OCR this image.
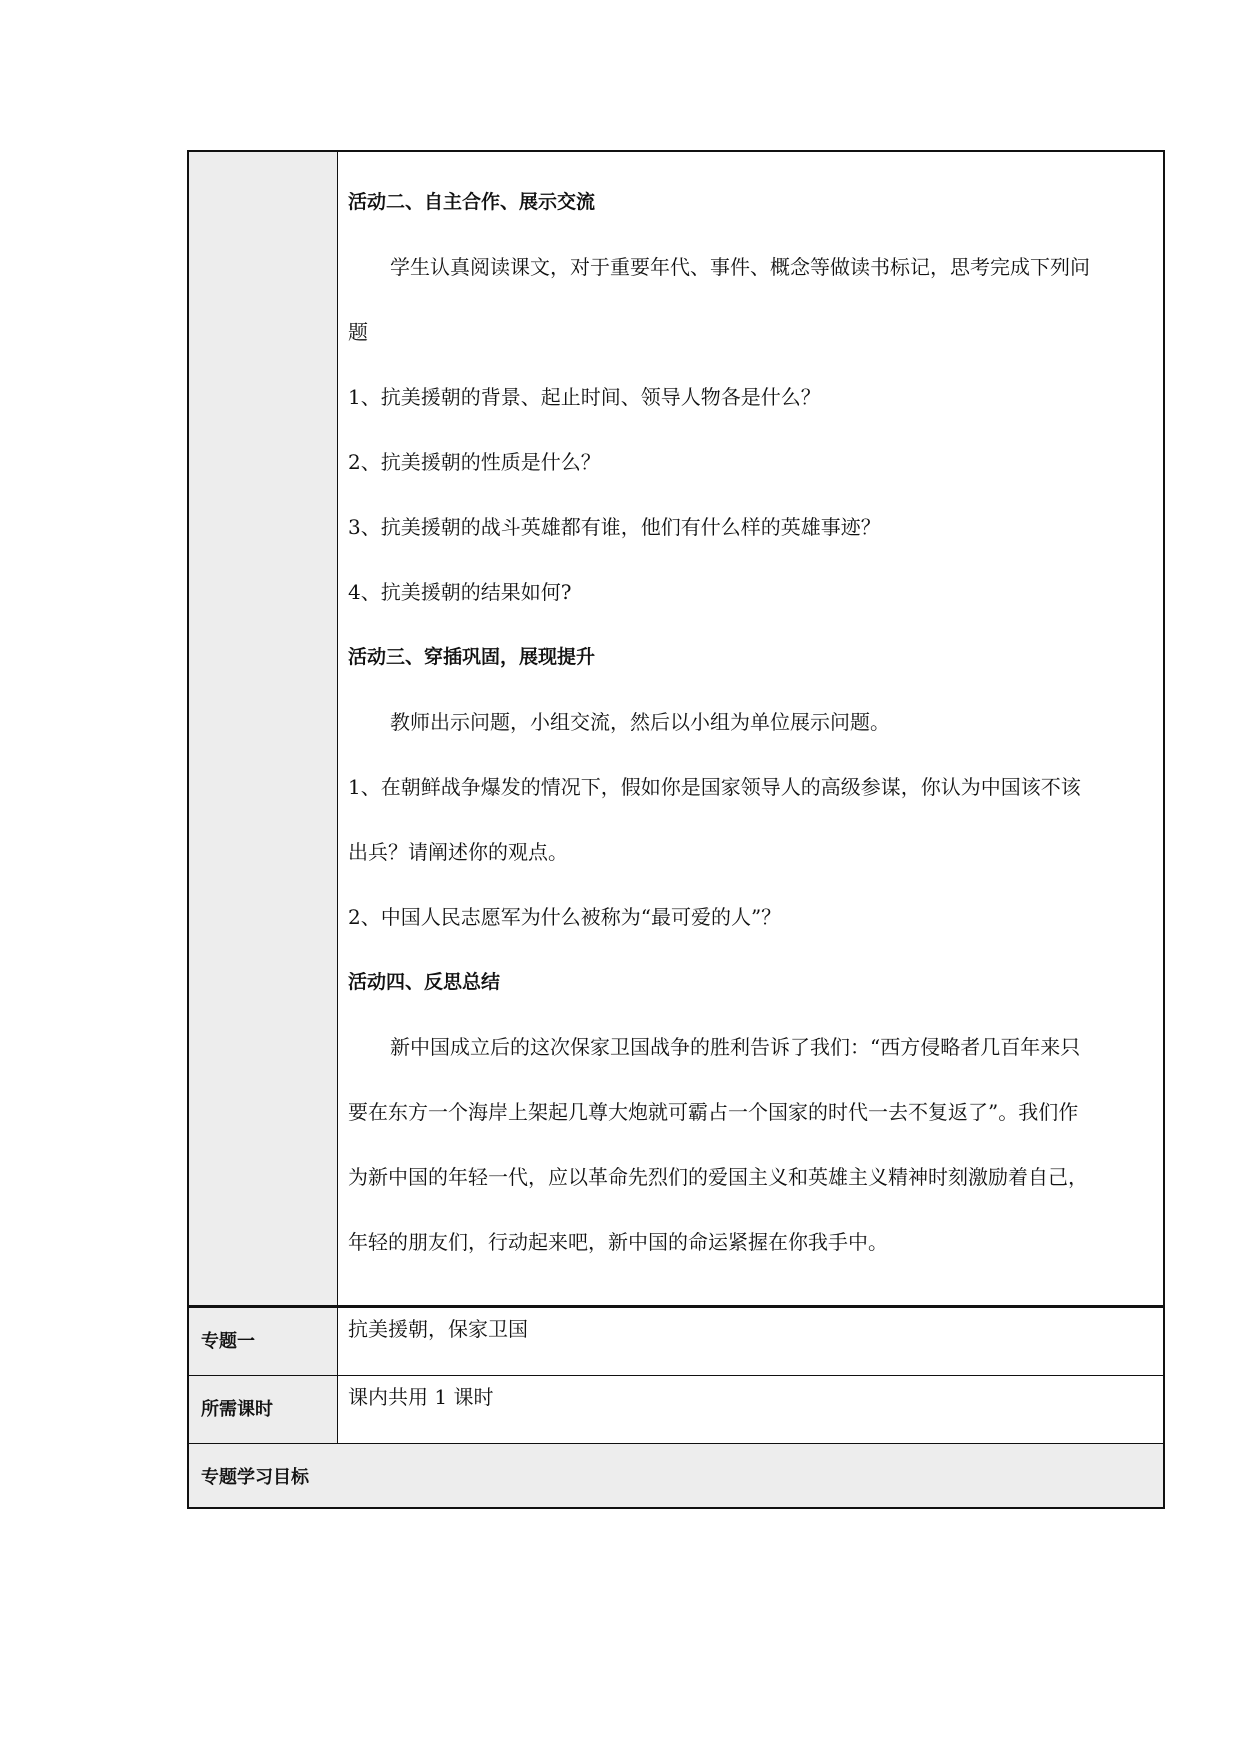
活动二、自主合作、展示交流

学生认真阅读课文，对于重要年代、事件、概念等做读书标记，思考完成下列问

题

1、抗美援朝的背景、起止时间、领导人物各是什么？

2、抗美援朝的性质是什么？

3、抗美援朝的战斗英雄都有谁，他们有什么样的英雄事迹？

4、抗美援朝的结果如何?

活动三、穿插巩固，展现提升

教师出示问题，小组交流，然后以小组为单位展示问题。

1、在朝鲜战争爆发的情况下，假如你是国家领导人的高级参谋，你认为中国该不该

出兵？请阐述你的观点。

2、中国人民志愿军为什么被称为“最可爱的人”？

活动四、反思总结

新中国成立后的这次保家卫国战争的胜利告诉了我们：“西方侵略者几百年来只

要在东方一个海岸上架起几尊大炮就可霸占一个国家的时代一去不复返了”。我们作

为新中国的年轻一代，应以革命先烈们的爱国主义和英雄主义精神时刻激励着自己，

年轻的朋友们，行动起来吧，新中国的命运紧握在你我手中。

专题一
抗美援朝，保家卫国
所需课时
课内共用 1 课时
专题学习目标
